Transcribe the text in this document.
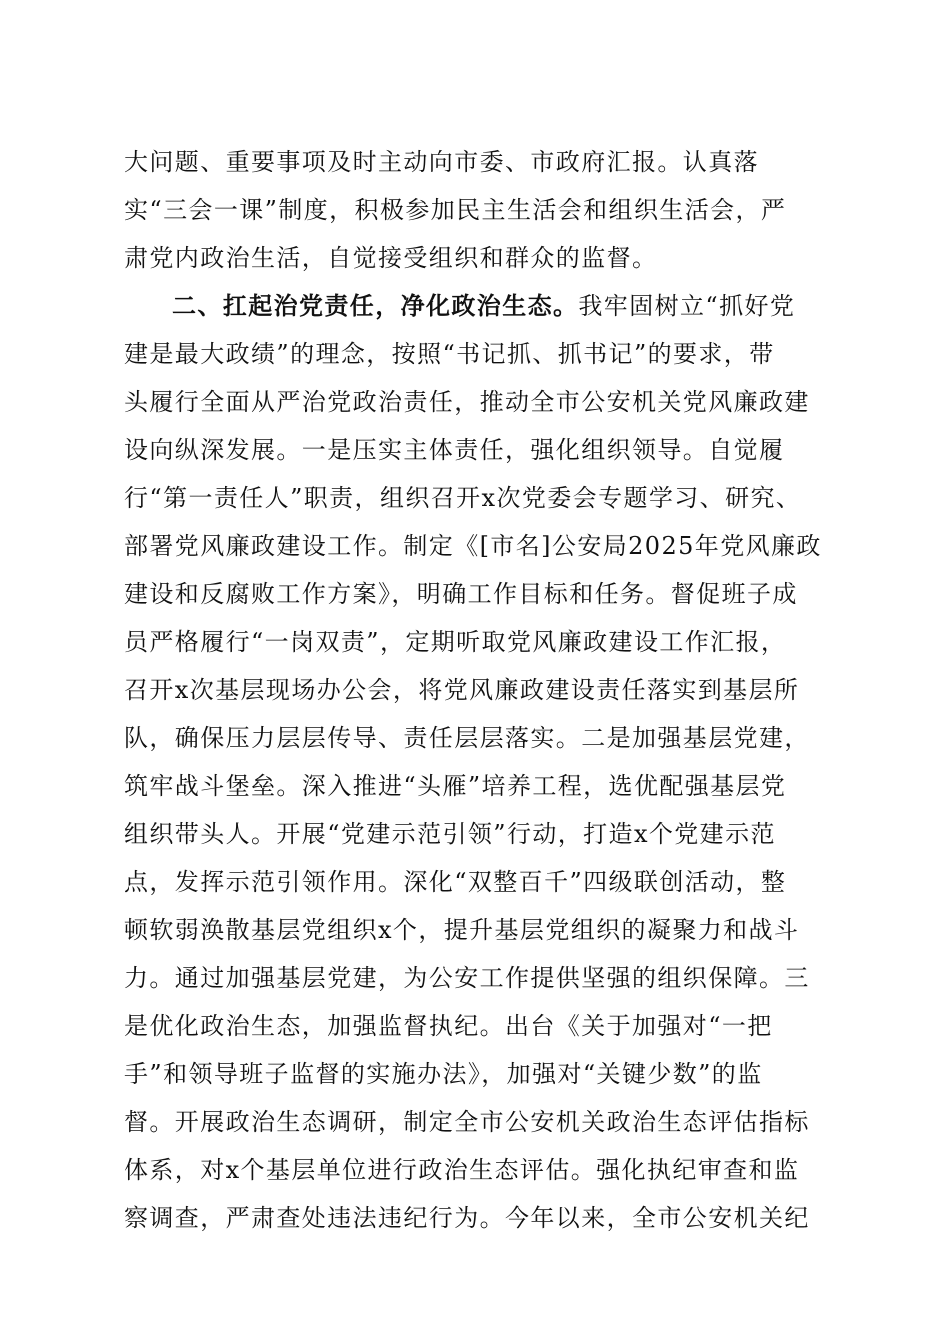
大问题、重要事项及时主动向市委、市政府汇报。认真落
实“三会一课”制度，积极参加民主生活会和组织生活会，严
肃党内政治生活，自觉接受组织和群众的监督。
二、扛起治党责任，净化政治生态。我牢固树立“抓好党
建是最大政绩”的理念，按照“书记抓、抓书记”的要求，带
头履行全面从严治党政治责任，推动全市公安机关党风廉政建
设向纵深发展。一是压实主体责任，强化组织领导。自觉履
行“第一责任人”职责，组织召开x次党委会专题学习、研究、
部署党风廉政建设工作。制定《[市名]公安局2025年党风廉政
建设和反腐败工作方案》，明确工作目标和任务。督促班子成
员严格履行“一岗双责”，定期听取党风廉政建设工作汇报，
召开x次基层现场办公会，将党风廉政建设责任落实到基层所
队，确保压力层层传导、责任层层落实。二是加强基层党建，
筑牢战斗堡垒。深入推进“头雁”培养工程，选优配强基层党
组织带头人。开展“党建示范引领”行动，打造x个党建示范
点，发挥示范引领作用。深化“双整百千”四级联创活动，整
顿软弱涣散基层党组织x个，提升基层党组织的凝聚力和战斗
力。通过加强基层党建，为公安工作提供坚强的组织保障。三
是优化政治生态，加强监督执纪。出台《关于加强对“一把
手”和领导班子监督的实施办法》，加强对“关键少数”的监
督。开展政治生态调研，制定全市公安机关政治生态评估指标
体系，对x个基层单位进行政治生态评估。强化执纪审查和监
察调查，严肃查处违法违纪行为。今年以来，全市公安机关纪
